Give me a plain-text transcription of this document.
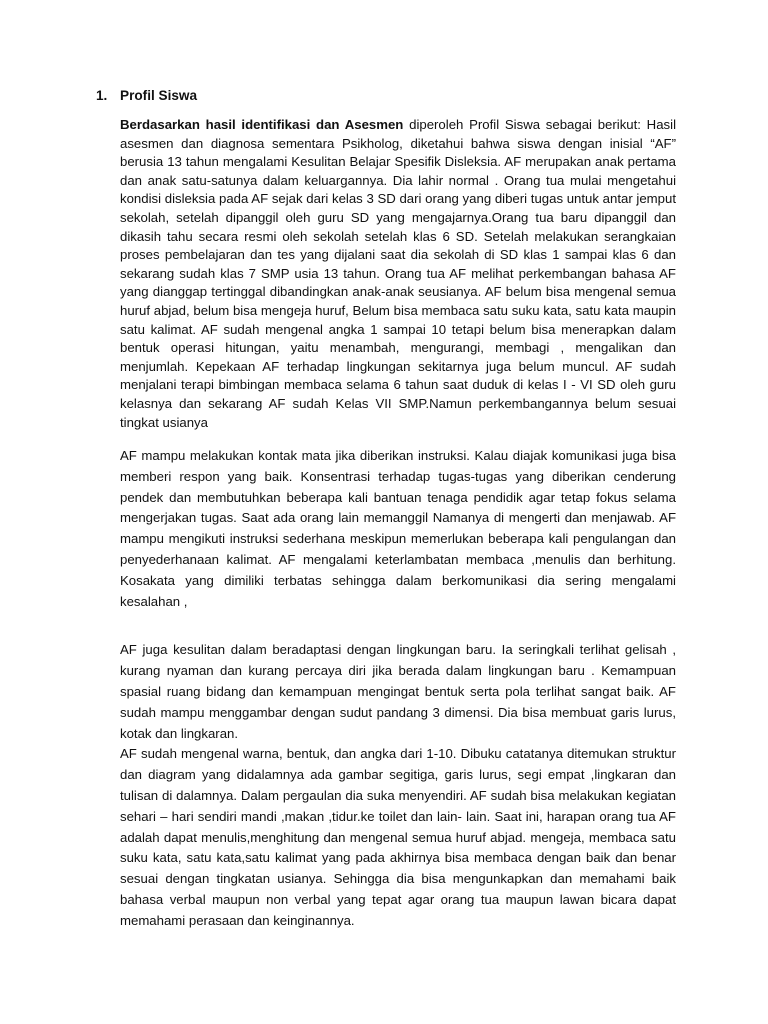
1. Profil Siswa

Berdasarkan hasil identifikasi dan Asesmen diperoleh Profil Siswa sebagai berikut: Hasil asesmen dan diagnosa sementara Psikholog, diketahui bahwa siswa dengan inisial “AF” berusia 13 tahun mengalami Kesulitan Belajar Spesifik Disleksia. AF merupakan anak pertama dan anak satu-satunya dalam keluargannya. Dia lahir normal . Orang tua mulai mengetahui kondisi disleksia pada AF sejak dari kelas 3 SD dari orang yang diberi tugas untuk antar jemput sekolah, setelah dipanggil oleh guru SD yang mengajarnya.Orang tua baru dipanggil dan dikasih tahu secara resmi oleh sekolah setelah klas 6 SD. Setelah melakukan serangkaian proses pembelajaran dan tes yang dijalani saat dia sekolah di SD klas 1 sampai klas 6 dan sekarang sudah klas 7 SMP usia 13 tahun. Orang tua AF melihat perkembangan bahasa AF yang dianggap tertinggal dibandingkan anak-anak seusianya. AF belum bisa mengenal semua huruf abjad, belum bisa mengeja huruf, Belum bisa membaca satu suku kata, satu kata maupin satu kalimat. AF sudah mengenal angka 1 sampai 10 tetapi belum bisa menerapkan dalam bentuk operasi hitungan, yaitu menambah, mengurangi, membagi , mengalikan dan menjumlah. Kepekaan AF terhadap lingkungan sekitarnya juga belum muncul. AF sudah menjalani terapi bimbingan membaca selama 6 tahun saat duduk di kelas I - VI SD oleh guru kelasnya dan sekarang AF sudah Kelas VII SMP.Namun perkembangannya belum sesuai tingkat usianya

AF mampu melakukan kontak mata jika diberikan instruksi. Kalau diajak komunikasi juga bisa memberi respon yang baik. Konsentrasi terhadap tugas-tugas yang diberikan cenderung pendek dan membutuhkan beberapa kali bantuan tenaga pendidik agar tetap fokus selama mengerjakan tugas. Saat ada orang lain memanggil Namanya di mengerti dan menjawab. AF mampu mengikuti instruksi sederhana meskipun memerlukan beberapa kali pengulangan dan penyederhanaan kalimat. AF mengalami keterlambatan membaca ,menulis dan berhitung. Kosakata yang dimiliki terbatas sehingga dalam berkomunikasi dia sering mengalami kesalahan ,

AF juga kesulitan dalam beradaptasi dengan lingkungan baru. Ia seringkali terlihat gelisah , kurang nyaman dan kurang percaya diri jika berada dalam lingkungan baru . Kemampuan spasial ruang bidang dan kemampuan mengingat bentuk serta pola terlihat sangat baik. AF sudah mampu menggambar dengan sudut pandang 3 dimensi. Dia bisa membuat garis lurus, kotak dan lingkaran.

AF sudah mengenal warna, bentuk, dan angka dari 1-10. Dibuku catatanya ditemukan struktur dan diagram yang didalamnya ada gambar segitiga, garis lurus, segi empat ,lingkaran dan tulisan di dalamnya. Dalam pergaulan dia suka menyendiri. AF sudah bisa melakukan kegiatan sehari – hari sendiri mandi ,makan ,tidur.ke toilet dan lain- lain. Saat ini, harapan orang tua AF adalah dapat menulis,menghitung dan mengenal semua huruf abjad. mengeja, membaca satu suku kata, satu kata,satu kalimat yang pada akhirnya bisa membaca dengan baik dan benar sesuai dengan tingkatan usianya. Sehingga dia bisa mengunkapkan dan memahami baik bahasa verbal maupun non verbal yang tepat agar orang tua maupun lawan bicara dapat memahami perasaan dan keinginannya.
